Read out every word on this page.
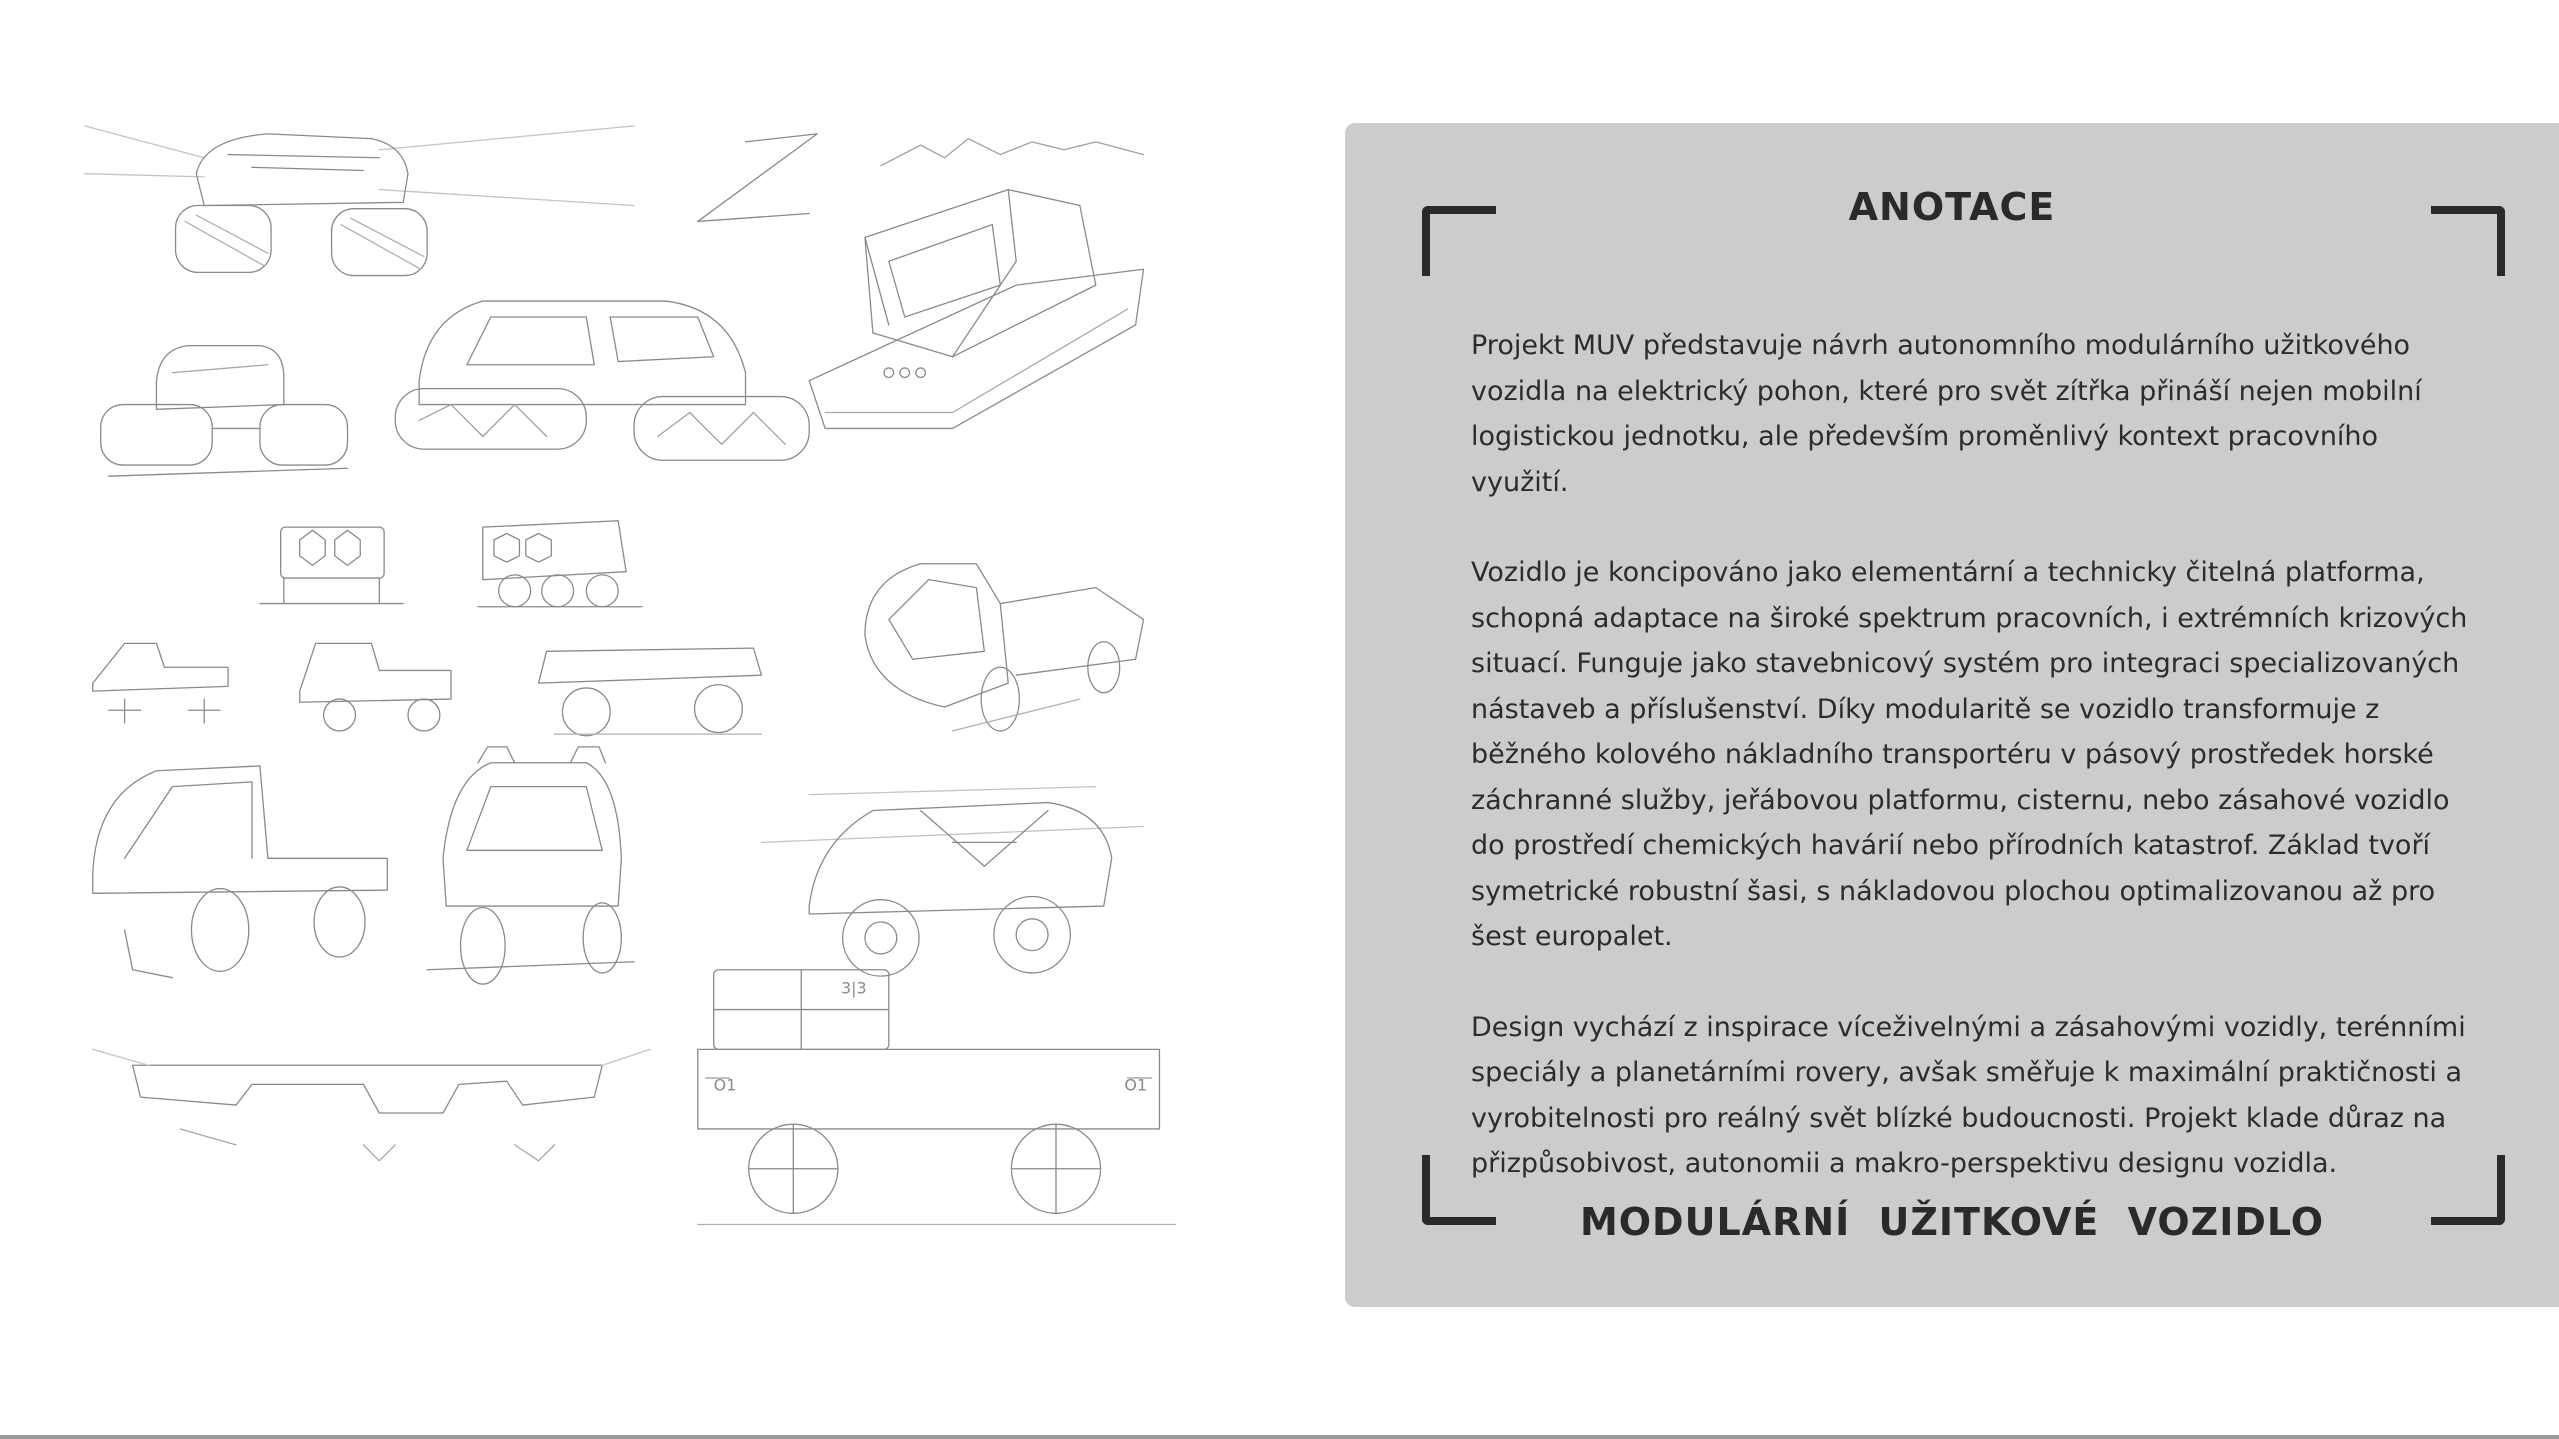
O1	O1
3|3
ANOTACE

Projekt MUV představuje návrh autonomního modulárního užitkového vozidla na elektrický pohon, které pro svět zítřka přináší nejen mobilní logistickou jednotku, ale především proměnlivý kontext pracovního využití.

Vozidlo je koncipováno jako elementární a technicky čitelná platforma, schopná adaptace na široké spektrum pracovních, i extrémních krizových situací. Funguje jako stavebnicový systém pro integraci specializovaných nástaveb a příslušenství. Díky modularitě se vozidlo transformuje z běžného kolového nákladního transportéru v pásový prostředek horské záchranné služby, jeřábovou platformu, cisternu, nebo zásahové vozidlo do prostředí chemických havárií nebo přírodních katastrof. Základ tvoří symetrické robustní šasi, s nákladovou plochou optimalizovanou až pro šest europalet.

Design vychází z inspirace víceživelnými a zásahovými vozidly, terénními speciály a planetárními rovery, avšak směřuje k maximální praktičnosti a vyrobitelnosti pro reálný svět blízké budoucnosti. Projekt klade důraz na přizpůsobivost, autonomii a makro-perspektivu designu vozidla.

MODULÁRNÍ UŽITKOVÉ VOZIDLO
